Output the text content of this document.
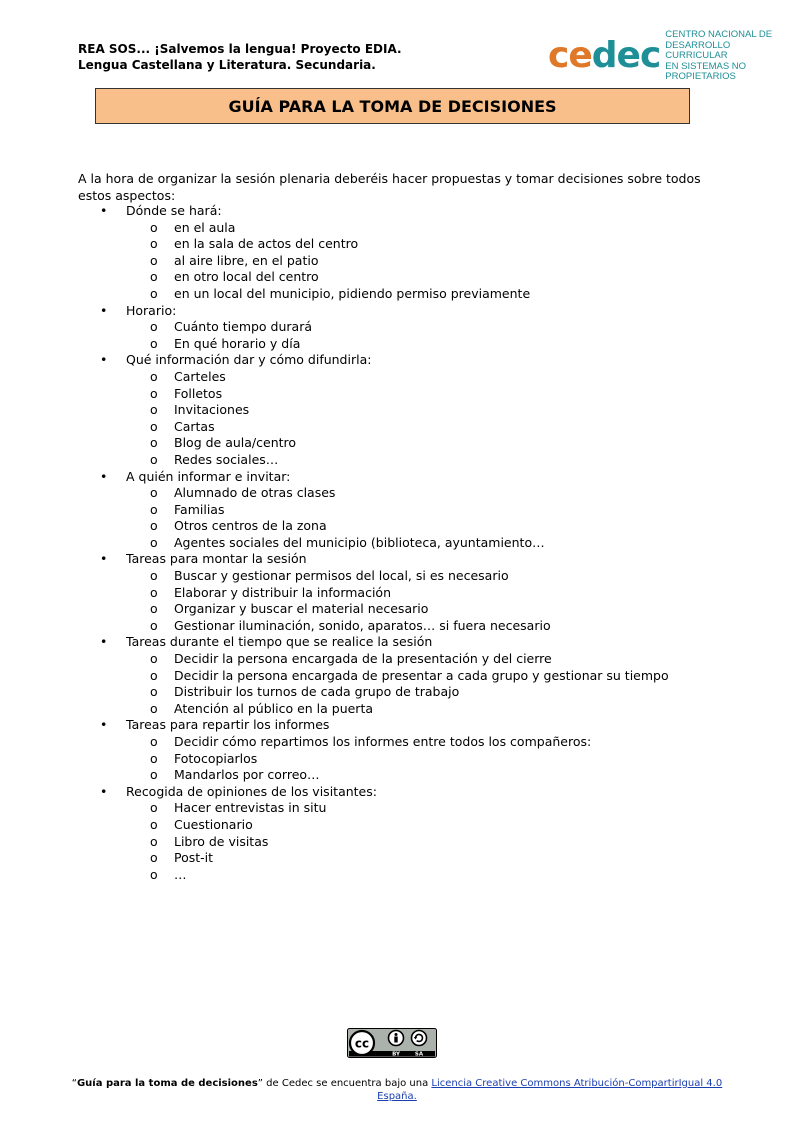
REA SOS... ¡Salvemos la lengua! Proyecto EDIA.
Lengua Castellana y Literatura. Secundaria.	cedec
CENTRO NACIONAL DE
DESARROLLO CURRICULAR
EN SISTEMAS NO PROPIETARIOS
GUÍA PARA LA TOMA DE DECISIONES
A la hora de organizar la sesión plenaria deberéis hacer propuestas y tomar decisiones sobre todos estos aspectos:
• Dónde se hará:
o en el aula
o en la sala de actos del centro
o al aire libre, en el patio
o en otro local del centro
o en un local del municipio, pidiendo permiso previamente
• Horario:
o Cuánto tiempo durará
o En qué horario y día
• Qué información dar y cómo difundirla:
o Carteles
o Folletos
o Invitaciones
o Cartas
o Blog de aula/centro
o Redes sociales…
• A quién informar e invitar:
o Alumnado de otras clases
o Familias
o Otros centros de la zona
o Agentes sociales del municipio (biblioteca, ayuntamiento…
• Tareas para montar la sesión
o Buscar y gestionar permisos del local, si es necesario
o Elaborar y distribuir la información
o Organizar y buscar el material necesario
o Gestionar iluminación, sonido, aparatos… si fuera necesario
• Tareas durante el tiempo que se realice la sesión
o Decidir la persona encargada de la presentación y del cierre
o Decidir la persona encargada de presentar a cada grupo y gestionar su tiempo
o Distribuir los turnos de cada grupo de trabajo
o Atención al público en la puerta
• Tareas para repartir los informes
o Decidir cómo repartimos los informes entre todos los compañeros:
o Fotocopiarlos
o Mandarlos por correo…
• Recogida de opiniones de los visitantes:
o Hacer entrevistas in situ
o Cuestionario
o Libro de visitas
o Post-it
o …
cc
BY	SA
“Guía para la toma de decisiones” de Cedec se encuentra bajo una Licencia Creative Commons Atribución-CompartirIgual 4.0 España.
